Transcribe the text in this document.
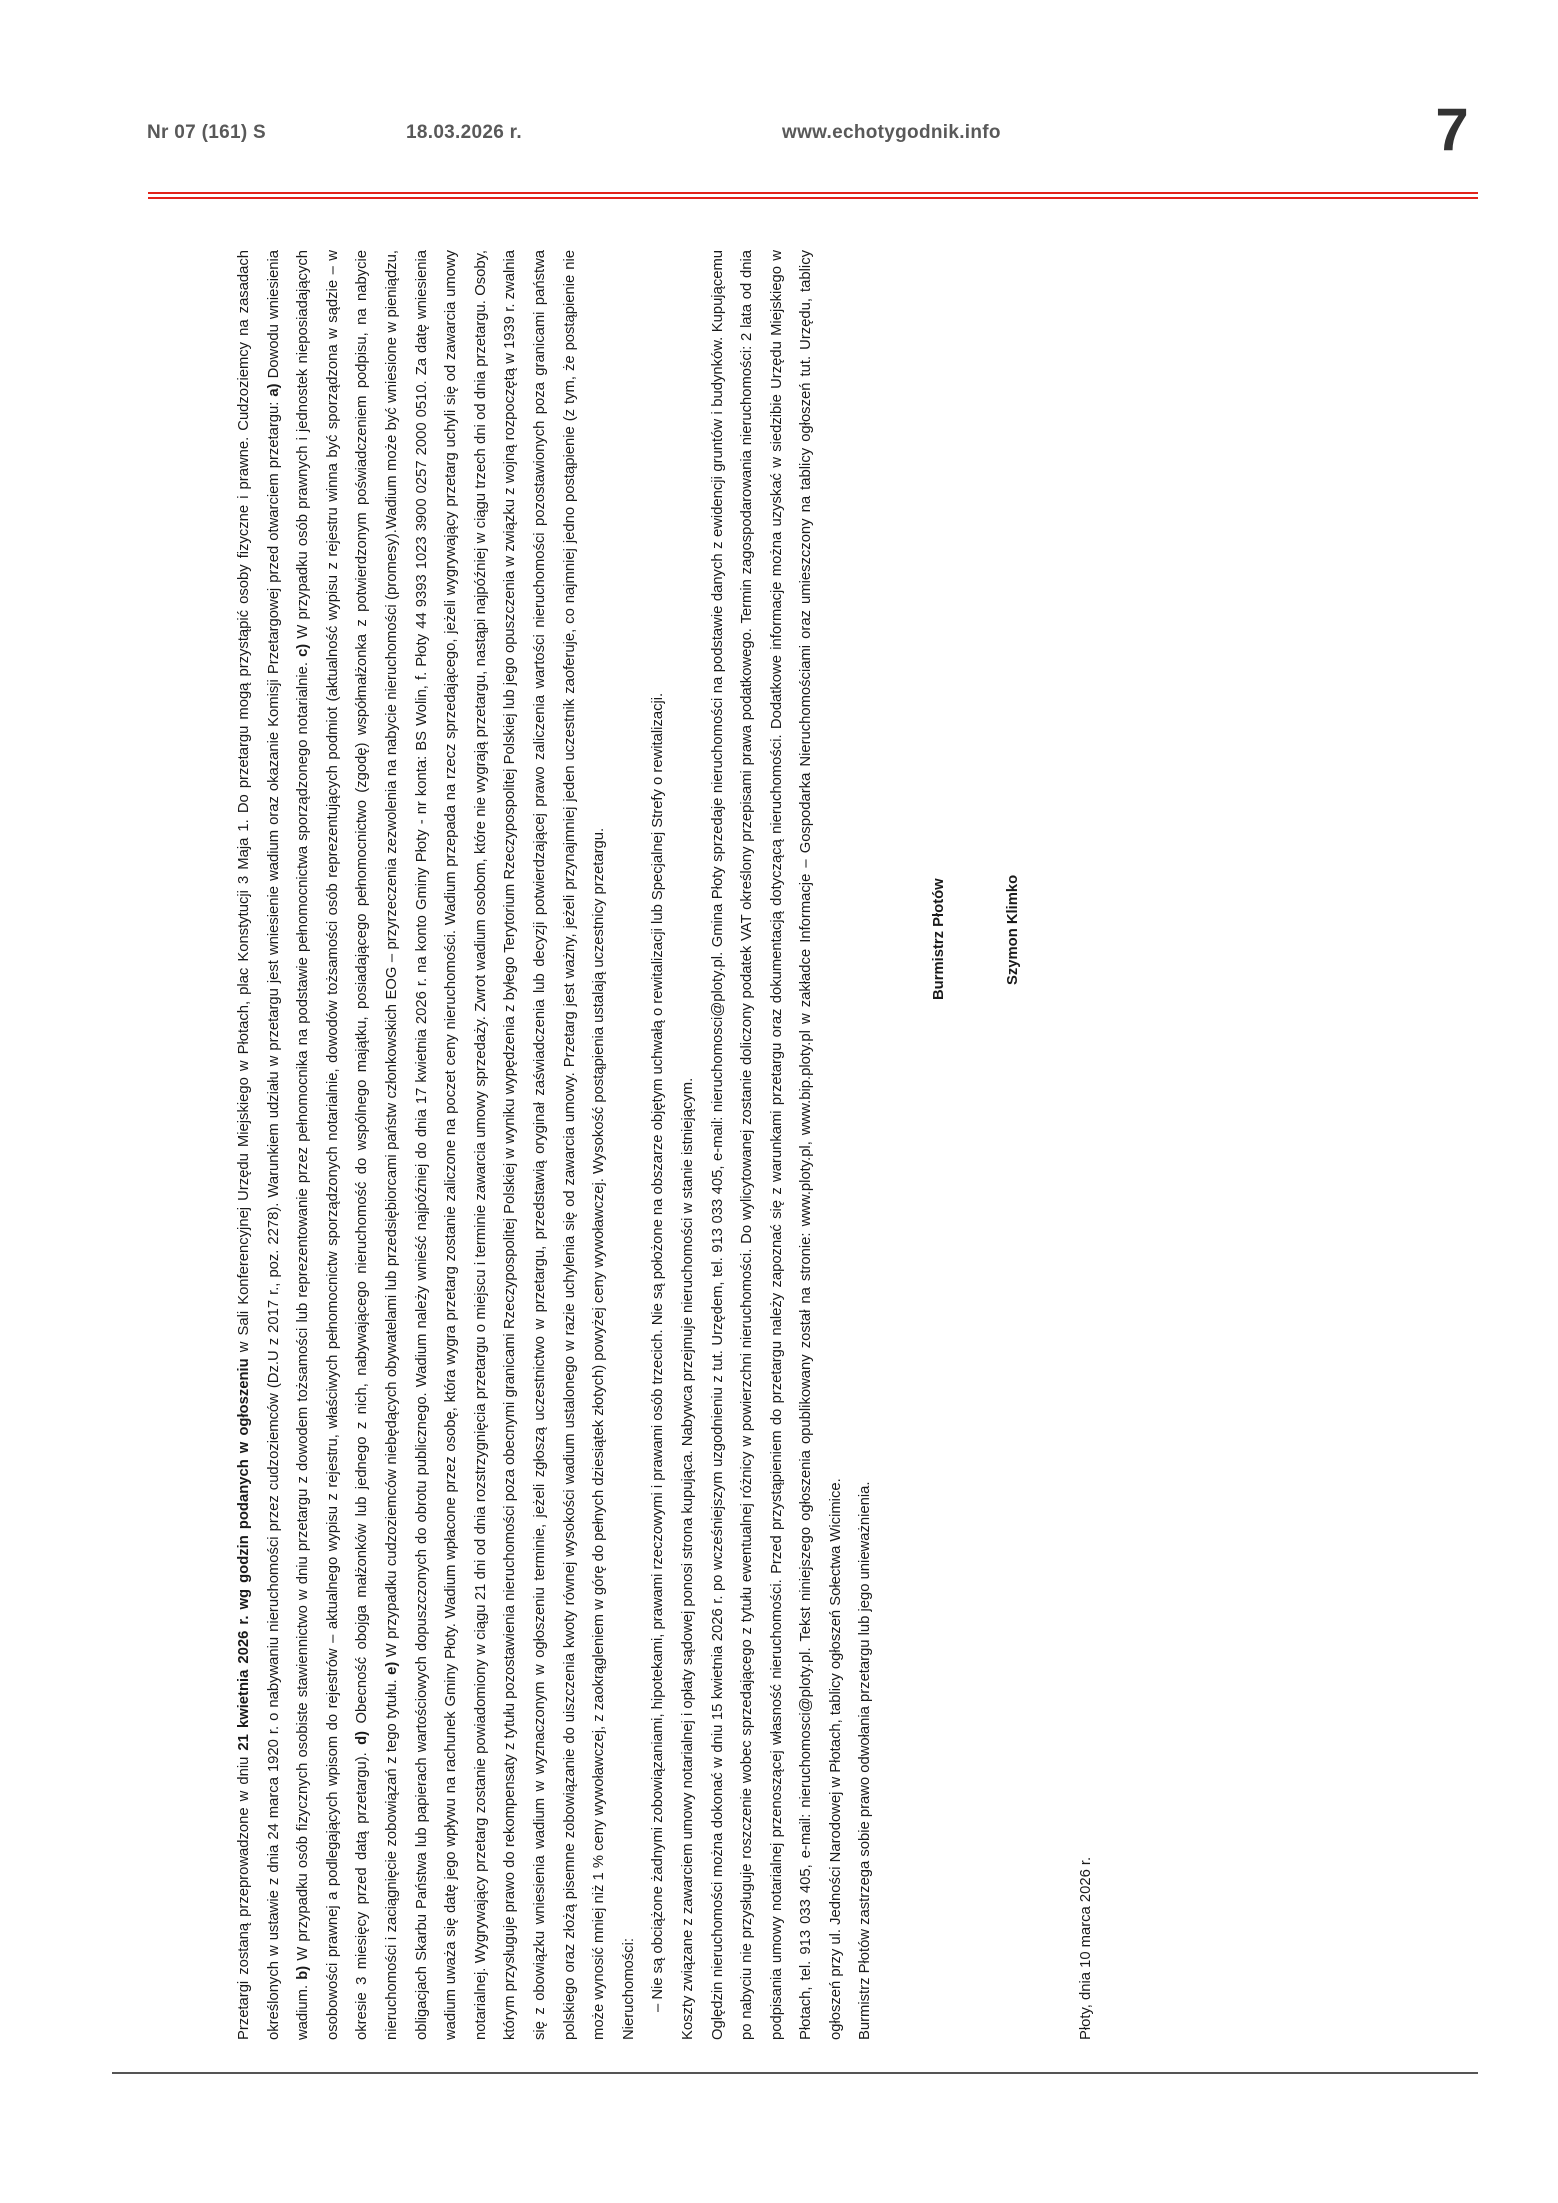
Nr 07 (161) S	18.03.2026 r.	www.echotygodnik.info	7

Przetargi zostaną przeprowadzone w dniu 21 kwietnia 2026 r. wg godzin podanych w ogłoszeniu w Sali Konferencyjnej Urzędu Miejskiego w Płotach, plac Konstytucji 3 Maja 1. Do przetargu mogą przystąpić osoby fizyczne i prawne. Cudzoziemcy na zasadach określonych w ustawie z dnia 24 marca 1920 r. o nabywaniu nieruchomości przez cudzoziemców (Dz.U z 2017 r., poz. 2278). Warunkiem udziału w przetargu jest wniesienie wadium oraz okazanie Komisji Przetargowej przed otwarciem przetargu: a) Dowodu wniesienia wadium. b) W przypadku osób fizycznych osobiste stawiennictwo w dniu przetargu z dowodem tożsamości lub reprezentowanie przez pełnomocnika na podstawie pełnomocnictwa sporządzonego notarialnie. c) W przypadku osób prawnych i jednostek nieposiadających osobowości prawnej a podlegających wpisom do rejestrów – aktualnego wypisu z rejestru, właściwych pełnomocnictw sporządzonych notarialnie, dowodów tożsamości osób reprezentujących podmiot (aktualność wypisu z rejestru winna być sporządzona w sądzie – w okresie 3 miesięcy przed datą przetargu). d) Obecność obojga małżonków lub jednego z nich, nabywającego nieruchomość do wspólnego majątku, posiadającego pełnomocnictwo (zgodę) współmałżonka z potwierdzonym poświadczeniem podpisu, na nabycie nieruchomości i zaciągnięcie zobowiązań z tego tytułu. e) W przypadku cudzoziemców niebędących obywatelami lub przedsiębiorcami państw członkowskich EOG – przyrzeczenia zezwolenia na nabycie nieruchomości (promesy).Wadium może być wniesione w pieniądzu, obligacjach Skarbu Państwa lub papierach wartościowych dopuszczonych do obrotu publicznego. Wadium należy wnieść najpóźniej do dnia 17 kwietnia 2026 r. na konto Gminy Płoty - nr konta: BS Wolin, f. Płoty 44 9393 1023 3900 0257 2000 0510. Za datę wniesienia wadium uważa się datę jego wpływu na rachunek Gminy Płoty. Wadium wpłacone przez osobę, która wygra przetarg zostanie zaliczone na poczet ceny nieruchomości. Wadium przepada na rzecz sprzedającego, jeżeli wygrywający przetarg uchyli się od zawarcia umowy notarialnej. Wygrywający przetarg zostanie powiadomiony w ciągu 21 dni od dnia rozstrzygnięcia przetargu o miejscu i terminie zawarcia umowy sprzedaży. Zwrot wadium osobom, które nie wygrają przetargu, nastąpi najpóźniej w ciągu trzech dni od dnia przetargu. Osoby, którym przysługuje prawo do rekompensaty z tytułu pozostawienia nieruchomości poza obecnymi granicami Rzeczypospolitej Polskiej w wyniku wypędzenia z byłego Terytorium Rzeczypospolitej Polskiej lub jego opuszczenia w związku z wojną rozpoczętą w 1939 r. zwalnia się z obowiązku wniesienia wadium w wyznaczonym w ogłoszeniu terminie, jeżeli zgłoszą uczestnictwo w przetargu, przedstawią oryginał zaświadczenia lub decyzji potwierdzającej prawo zaliczenia wartości nieruchomości pozostawionych poza granicami państwa polskiego oraz złożą pisemne zobowiązanie do uiszczenia kwoty równej wysokości wadium ustalonego w razie uchylenia się od zawarcia umowy. Przetarg jest ważny, jeżeli przynajmniej jeden uczestnik zaoferuje, co najmniej jedno postąpienie (z tym, że postąpienie nie może wynosić mniej niż 1 % ceny wywoławczej, z zaokrągleniem w górę do pełnych dziesiątek złotych) powyżej ceny wywoławczej. Wysokość postąpienia ustalają uczestnicy przetargu. Nieruchomości: – Nie są obciążone żadnymi zobowiązaniami, hipotekami, prawami rzeczowymi i prawami osób trzecich. Nie są położone na obszarze objętym uchwałą o rewitalizacji lub Specjalnej Strefy o rewitalizacji. Koszty związane z zawarciem umowy notarialnej i opłaty sądowej ponosi strona kupująca. Nabywca przejmuje nieruchomości w stanie istniejącym. Oględzin nieruchomości można dokonać w dniu 15 kwietnia 2026 r. po wcześniejszym uzgodnieniu z tut. Urzędem, tel. 913 033 405, e-mail: nieruchomosci@ploty.pl. Gmina Płoty sprzedaje nieruchomości na podstawie danych z ewidencji gruntów i budynków. Kupującemu po nabyciu nie przysługuje roszczenie wobec sprzedającego z tytułu ewentualnej różnicy w powierzchni nieruchomości. Do wylicytowanej zostanie doliczony podatek VAT określony przepisami prawa podatkowego. Termin zagospodarowania nieruchomości: 2 lata od dnia podpisania umowy notarialnej przenoszącej własność nieruchomości. Przed przystąpieniem do przetargu należy zapoznać się z warunkami przetargu oraz dokumentacją dotyczącą nieruchomości. Dodatkowe informacje można uzyskać w siedzibie Urzędu Miejskiego w Płotach, tel. 913 033 405, e-mail: nieruchomosci@ploty.pl. Tekst niniejszego ogłoszenia opublikowany został na stronie: www.ploty.pl, www.bip.ploty.pl w zakładce Informacje – Gospodarka Nieruchomościami oraz umieszczony na tablicy ogłoszeń tut. Urzędu, tablicy ogłoszeń przy ul. Jedności Narodowej w Płotach, tablicy ogłoszeń Sołectwa Wicimice. Burmistrz Płotów zastrzega sobie prawo odwołania przetargu lub jego unieważnienia.

Burmistrz Płotów	Szymon Klimko

Płoty, dnia 10 marca 2026 r.
